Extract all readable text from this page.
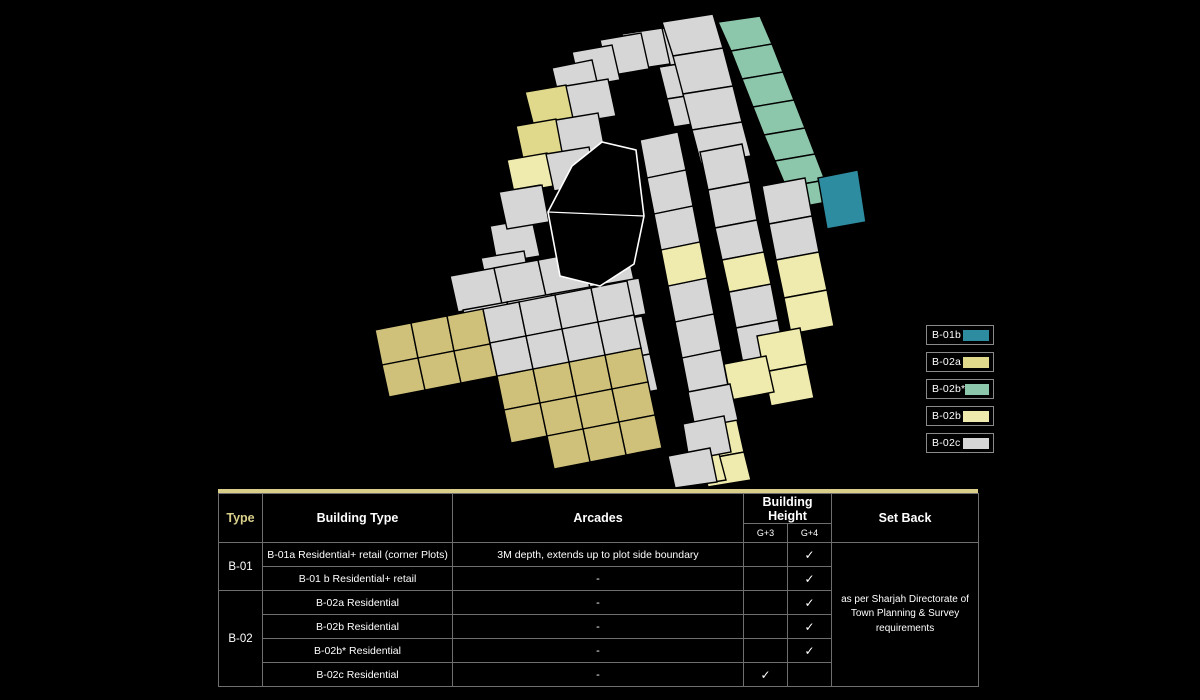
B-01b
B-02a
B-02b*
B-02b
B-02c
Type	Building Type	Arcades	Building Height		Set Back
			G+3	G+4	
B-01	B-01a Residential+ retail (corner Plots)	3M depth, extends up to plot side boundary		✓	as per Sharjah Directorate of Town Planning & Survey requirements
	B-01 b Residential+ retail	-		✓	
B-02	B-02a Residential	-		✓	
	B-02b Residential	-		✓	
	B-02b* Residential	-		✓	
	B-02c Residential	-	✓		
